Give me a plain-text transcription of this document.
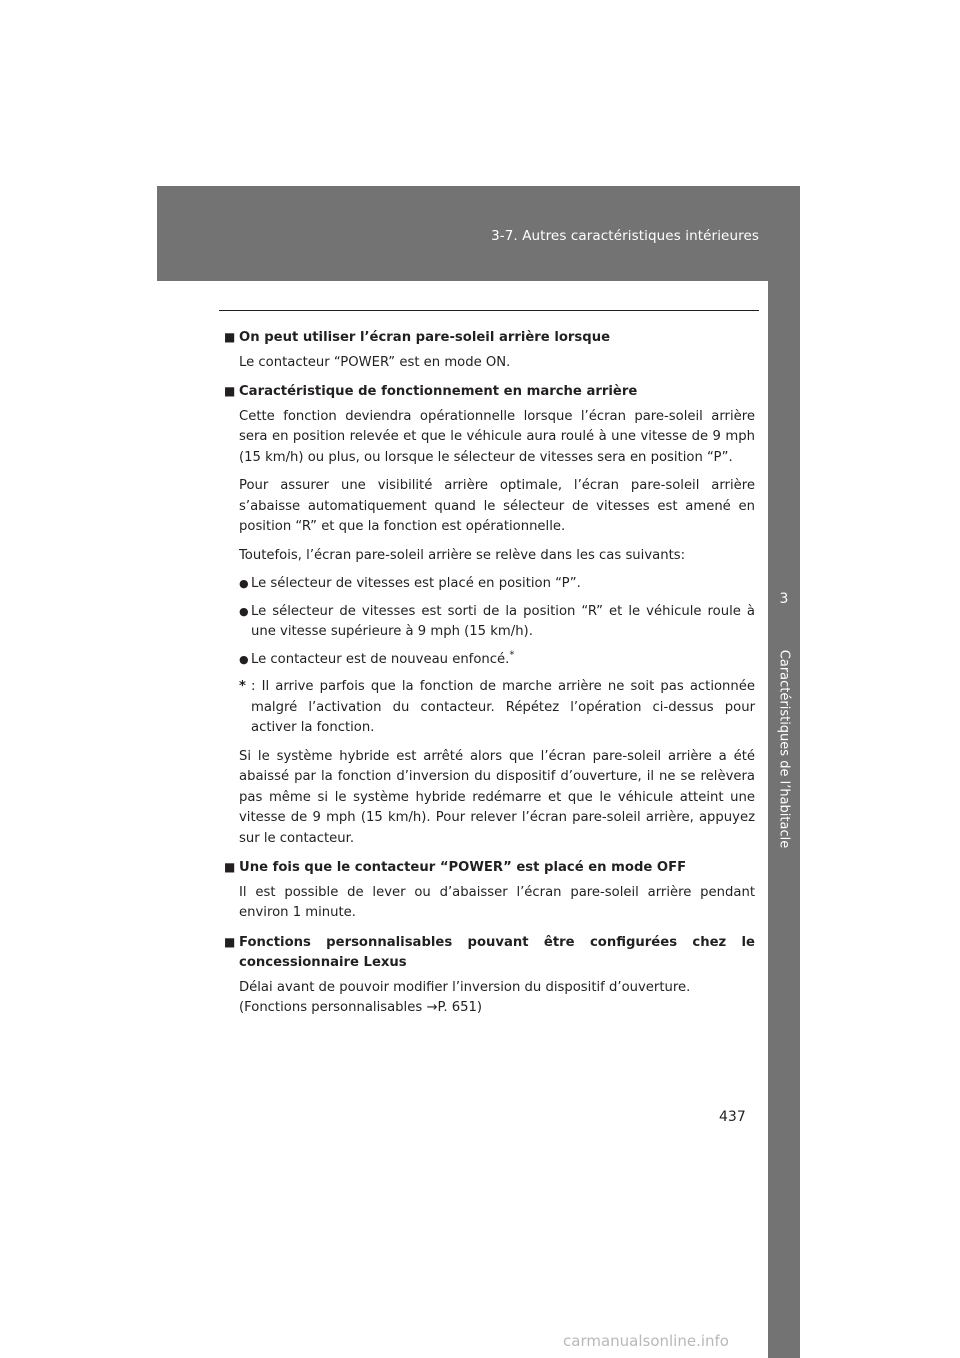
3-7. Autres caractéristiques intérieures
3
Caractéristiques de l’habitacle

■ On peut utiliser l’écran pare-soleil arrière lorsque

Le contacteur “POWER” est en mode ON.

■ Caractéristique de fonctionnement en marche arrière

Cette fonction deviendra opérationnelle lorsque l’écran pare-soleil arrière sera en position relevée et que le véhicule aura roulé à une vitesse de 9 mph (15 km/h) ou plus, ou lorsque le sélecteur de vitesses sera en position “P”.

Pour assurer une visibilité arrière optimale, l’écran pare-soleil arrière s’abaisse automatiquement quand le sélecteur de vitesses est amené en position “R” et que la fonction est opérationnelle.

Toutefois, l’écran pare-soleil arrière se relève dans les cas suivants:

● Le sélecteur de vitesses est placé en position “P”.

● Le sélecteur de vitesses est sorti de la position “R” et le véhicule roule à une vitesse supérieure à 9 mph (15 km/h).

● Le contacteur est de nouveau enfoncé.*

* : Il arrive parfois que la fonction de marche arrière ne soit pas actionnée malgré l’activation du contacteur. Répétez l’opération ci-dessus pour activer la fonction.

Si le système hybride est arrêté alors que l’écran pare-soleil arrière a été abaissé par la fonction d’inversion du dispositif d’ouverture, il ne se relèvera pas même si le système hybride redémarre et que le véhicule atteint une vitesse de 9 mph (15 km/h). Pour relever l’écran pare-soleil arrière, appuyez sur le contacteur.

■ Une fois que le contacteur “POWER” est placé en mode OFF

Il est possible de lever ou d’abaisser l’écran pare-soleil arrière pendant environ 1 minute.

■ Fonctions personnalisables pouvant être configurées chez le concessionnaire Lexus

Délai avant de pouvoir modifier l’inversion du dispositif d’ouverture.
(Fonctions personnalisables →P. 651)

437
carmanualsonline.info
